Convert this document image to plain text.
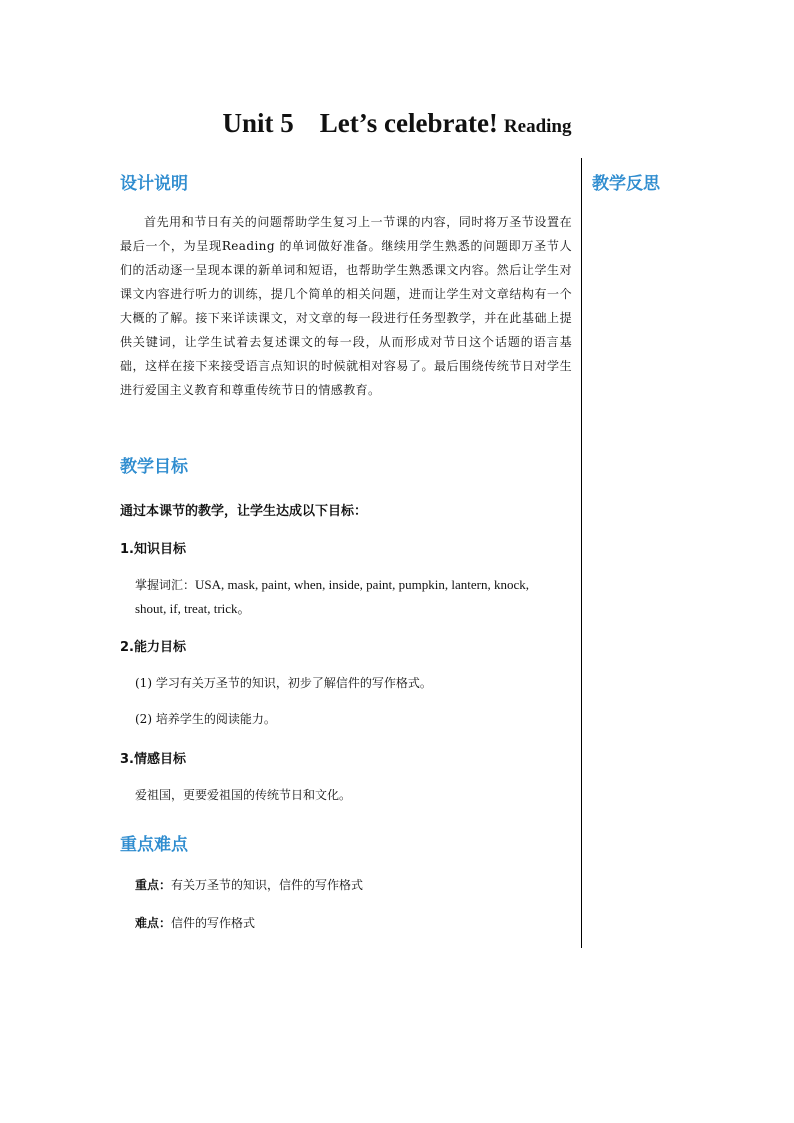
Unit 5 Let’s celebrate! Reading
教学反思
设计说明
首先用和节日有关的问题帮助学生复习上一节课的内容，同时将万圣节设置在最后一个，为呈现Reading 的单词做好准备。继续用学生熟悉的问题即万圣节人们的活动逐一呈现本课的新单词和短语，也帮助学生熟悉课文内容。然后让学生对课文内容进行听力的训练，提几个简单的相关问题，进而让学生对文章结构有一个大概的了解。接下来详读课文，对文章的每一段进行任务型教学，并在此基础上提供关键词，让学生试着去复述课文的每一段，从而形成对节日这个话题的语言基础，这样在接下来接受语言点知识的时候就相对容易了。最后围绕传统节日对学生进行爱国主义教育和尊重传统节日的情感教育。
教学目标
通过本课节的教学，让学生达成以下目标：
1.知识目标
掌握词汇：USA, mask, paint, when, inside, paint, pumpkin, lantern, knock,
shout, if, treat, trick。
2.能力目标
(1) 学习有关万圣节的知识，初步了解信件的写作格式。
(2) 培养学生的阅读能力。
3.情感目标
爱祖国，更要爱祖国的传统节日和文化。
重点难点
重点：有关万圣节的知识，信件的写作格式
难点：信件的写作格式
